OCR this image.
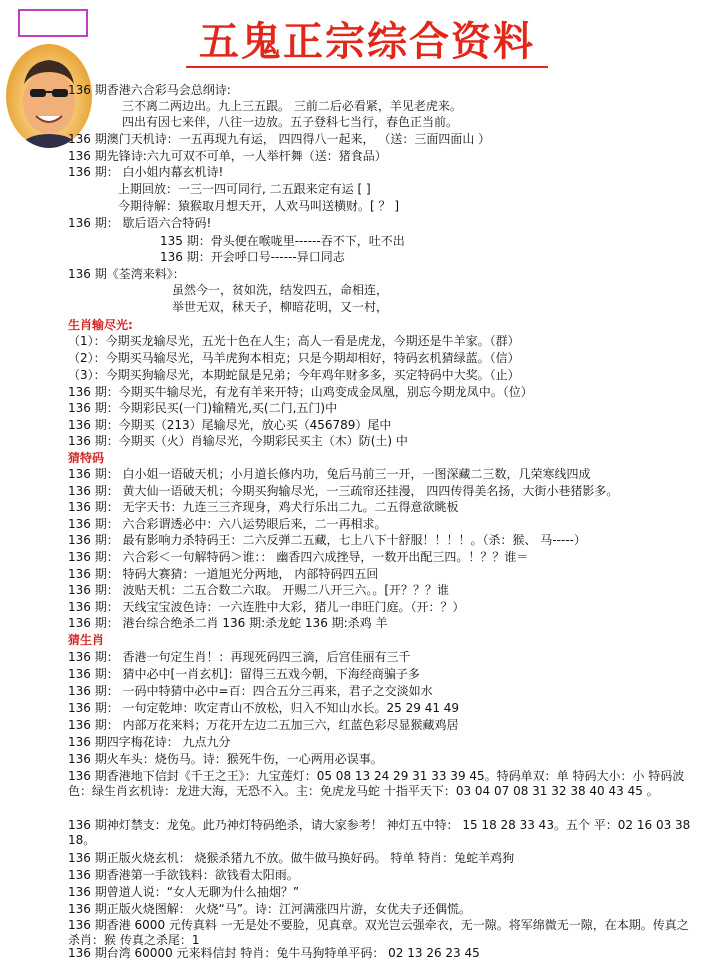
五鬼正宗综合资料
136 期香港六合彩马会总纲诗:
三不离二两边出。九上三五跟。 三前二后必看紧，羊见老虎来。
四出有因七来伴，八往一边放。五子登科七当行，春色正当前。
136 期澳门天机诗：一五再现九有运， 四四得八一起来， （送：三面四面山 ）
136 期先锋诗:六九可双不可单，一人举杆舞（送：猪食品）
136 期： 白小姐内幕玄机诗!
上期回放：一三一四可同行, 二五跟来定有运 [ ]
今期待解：猿猴取月想天开，人欢马叫送横财。[ ？ ]
136 期： 歇后语六合特码!
135 期：骨头便在喉咙里------吞不下，吐不出
136 期：开会呼口号------异口同志
136 期《荃湾来料》：
虽然今一，贫如洗，结发四五，命相连，
举世无双，秫天子，柳暗花明，又一村，
生肖输尽光:
（1）：今期买龙输尽光，五光十色在人生；高人一看是虎龙，今期还是牛羊家。（群）
（2）：今期买马输尽光，马羊虎狗本相克；只是今期却相好，特码玄机猜绿蓝。（信）
（3）：今期买狗输尽光，本期蛇鼠是兄弟；今年鸡年财多多，买定特码中大奖。（止）
136 期：今期买牛输尽光，有龙有羊来开特；山鸡变成金凤凰，别忘今期龙凤中。（位）
136 期：今期彩民买(一门)输精光,买(二门,五门)中
136 期：今期买（213）尾输尽光，放心买（456789）尾中
136 期：今期买（火）肖输尽光，今期彩民买主（木）防(土) 中
猜特码
136 期： 白小姐一语破天机；小月道长修内功，兔后马前三一开，一图深藏二三数，几荣寒线四成
136 期： 黄大仙一语破天机；今期买狗输尽光，一三疏帘还挂漫， 四四传得美名扬，大街小巷猪影多。
136 期： 无字天书：九连三三齐现身，鸡犬行乐出二九。二五得意欲眺板
136 期： 六合彩谓透必中：六八运势眼后来，二一再相求。
136 期： 最有影响力杀特码王：二六反弹二五藏，七上八下十舒服！！！！。（杀：猴、 马-----）
136 期： 六合彩＜一句解特码＞谁：： 幽香四六成挫导，一数开出配三四。！？？谁＝
136 期： 特码大赛猜：一道旭光分两地， 内部特码四五回
136 期： 波贴天机：二五合数二六取。 开赐二八开三六。。[开？？？谁
136 期： 天线宝宝波色诗：一六连胜中大彩，猪儿一串旺门庭。（开：？）
136 期： 港台综合绝杀二肖 136 期:杀龙蛇 136 期:杀鸡 羊
猜生肖
136 期： 香港一句定生肖！：再现死码四三滴，后宫佳丽有三千
136 期： 猜中必中[一肖玄机]：留得三五戏今朝，下海经商骗子多
136 期： 一码中特猜中必中=百：四合五分三再来，君子之交淡如水
136 期： 一句定乾坤：吹定青山不放松，归入不知山水长。25 29 41 49
136 期： 内部万花来料；万花开左边二五加三六，红蓝色彩尽显猴藏鸡居
136 期四字梅花诗： 九点九分
136 期火车头：烧伤马。诗：猴死牛伤，一心两用必误事。
136 期香港地下信封《千王之王》：九宝莲灯：05 08 13 24 29 31 33 39 45。特码单双：单 特码大小：小 特码波色：绿生肖玄机诗：龙进大海，无恐不入。主：免虎龙马蛇 十指平天下：03 04 07 08 31 32 38 40 43 45 。
136 期神灯禁支：龙兔。此乃神灯特码绝杀，请大家参考！ 神灯五中特： 15 18 28 33 43。五个 平：02 16 03 38 18。
136 期正版火烧玄机： 烧猴杀猪九不放。做牛做马换好码。 特单 特肖：兔蛇羊鸡狗
136 期香港第一手欲钱料：欲钱看太阳雨。
136 期曾道人说：“女人无聊为什么抽烟？”
136 期正版火烧图解： 火烧“马”。诗：江河满涨四片游，女优夫子还偶慌。
136 期香港 6000 元传真料 一无是处不要脸，见真章。双光岂云强牵衣，无一隙。将军绵微无一隙，在本期。传真之杀肖：猴 传真之杀尾：1
136 期台湾 60000 元来料信封 特肖：兔牛马狗特单平码： 02 13 26 23 45
